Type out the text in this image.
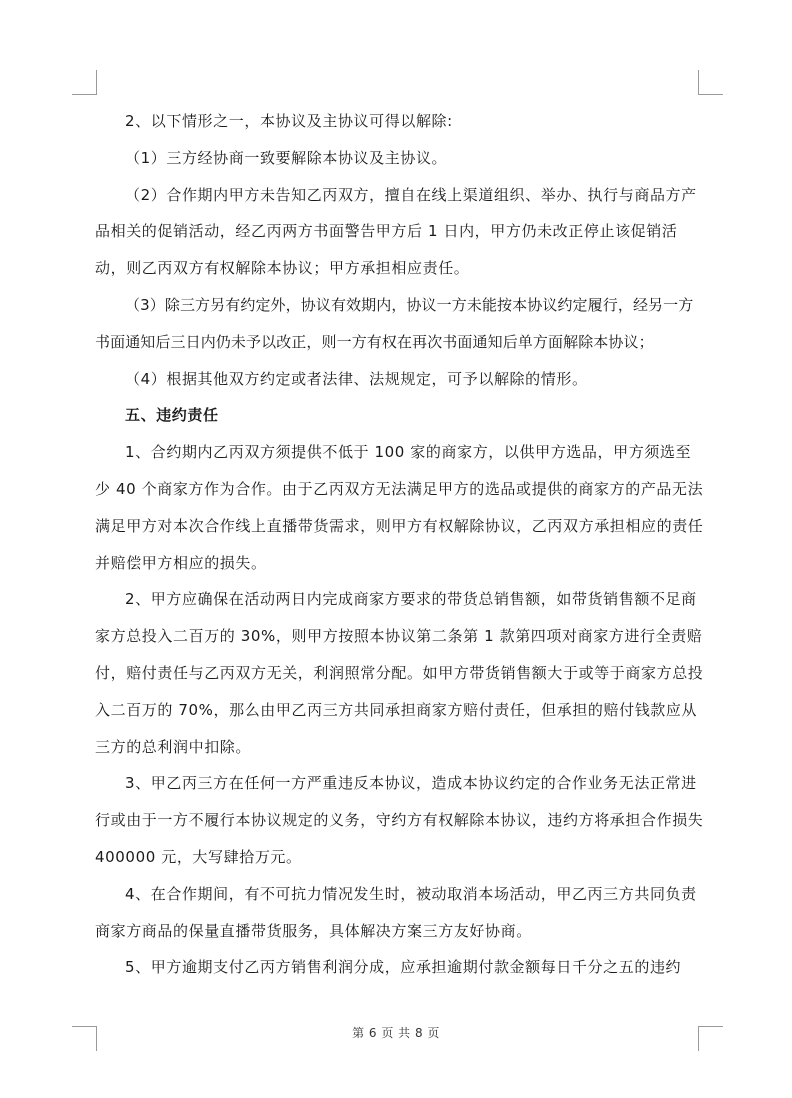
2、以下情形之一，本协议及主协议可得以解除:

（1）三方经协商一致要解除本协议及主协议。

（2）合作期内甲方未告知乙丙双方，擅自在线上渠道组织、举办、执行与商品方产品相关的促销活动，经乙丙两方书面警告甲方后 1 日内，甲方仍未改正停止该促销活动，则乙丙双方有权解除本协议；甲方承担相应责任。

（3）除三方另有约定外，协议有效期内，协议一方未能按本协议约定履行，经另一方书面通知后三日内仍未予以改正，则一方有权在再次书面通知后单方面解除本协议；

（4）根据其他双方约定或者法律、法规规定，可予以解除的情形。

五、违约责任

1、合约期内乙丙双方须提供不低于 100 家的商家方，以供甲方选品，甲方须选至少 40 个商家方作为合作。由于乙丙双方无法满足甲方的选品或提供的商家方的产品无法满足甲方对本次合作线上直播带货需求，则甲方有权解除协议，乙丙双方承担相应的责任并赔偿甲方相应的损失。

2、甲方应确保在活动两日内完成商家方要求的带货总销售额，如带货销售额不足商家方总投入二百万的 30%，则甲方按照本协议第二条第 1 款第四项对商家方进行全责赔付，赔付责任与乙丙双方无关，利润照常分配。如甲方带货销售额大于或等于商家方总投入二百万的 70%，那么由甲乙丙三方共同承担商家方赔付责任，但承担的赔付钱款应从三方的总利润中扣除。

3、甲乙丙三方在任何一方严重违反本协议，造成本协议约定的合作业务无法正常进行或由于一方不履行本协议规定的义务，守约方有权解除本协议，违约方将承担合作损失 400000 元，大写肆拾万元。

4、在合作期间，有不可抗力情况发生时，被动取消本场活动，甲乙丙三方共同负责商家方商品的保量直播带货服务，具体解决方案三方友好协商。

5、甲方逾期支付乙丙方销售利润分成，应承担逾期付款金额每日千分之五的违约

第 6 页 共 8 页
